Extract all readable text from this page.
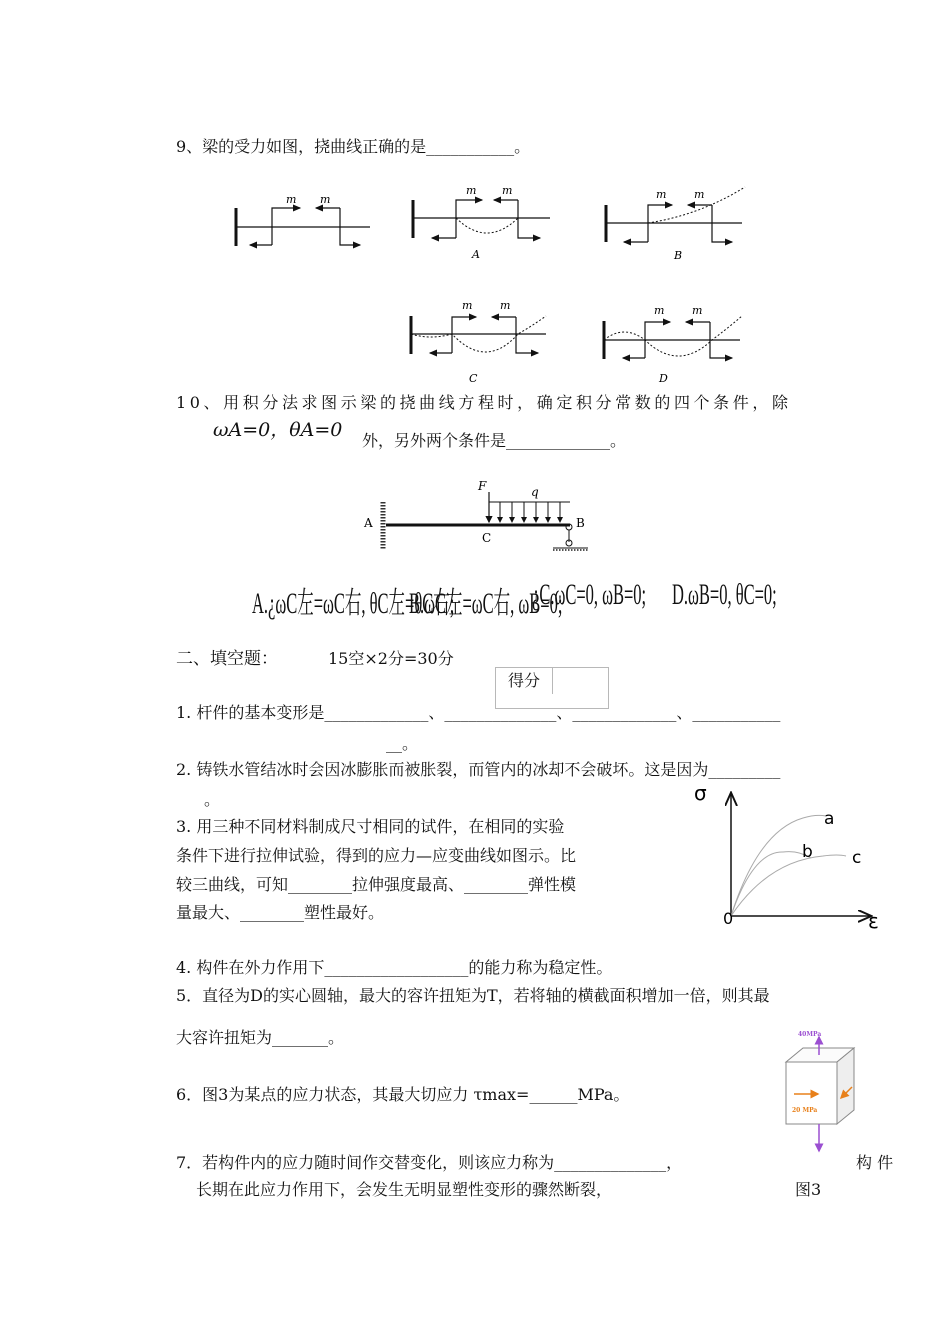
9、梁的受力如图，挠曲线正确的是___________。
m m
m m
A
m	m
B
m	m
C
m	m
D
10、用积分法求图示梁的挠曲线方程时，确定积分常数的四个条件，除
ωA=0，θA=0 外，另外两个条件是_____________。
F	q
A	B
C
A.¿ωC左=ωC右, θC左=θC右;
B.ωC左=ωC右, ωB=0;
¿C.ωC=0, ωB=0; D.ωB=0, θC=0;
二、填空题：	15空×2分=30分
得分
1. 杆件的基本变形是_____________、______________、_____________、___________
__。
2. 铸铁水管结冰时会因冰膨胀而被胀裂，而管内的冰却不会破坏。这是因为_________
。
3. 用三种不同材料制成尺寸相同的试件，在相同的实验
条件下进行拉伸试验，得到的应力—应变曲线如图示。比
较三曲线，可知________拉伸强度最高、________弹性模
量最大、________塑性最好。
σ
ε
0
a
b c
4. 构件在外力作用下__________________的能力称为稳定性。
5．直径为D的实心圆轴，最大的容许扭矩为T，若将轴的横截面积增加一倍，则其最
大容许扭矩为_______。
6．图3为某点的应力状态，其最大切应力 τmax=______MPa。
7．若构件内的应力随时间作交替变化，则该应力称为______________，	构 件
长期在此应力作用下，会发生无明显塑性变形的骤然断裂，
40MPa
20 MPa
图3
